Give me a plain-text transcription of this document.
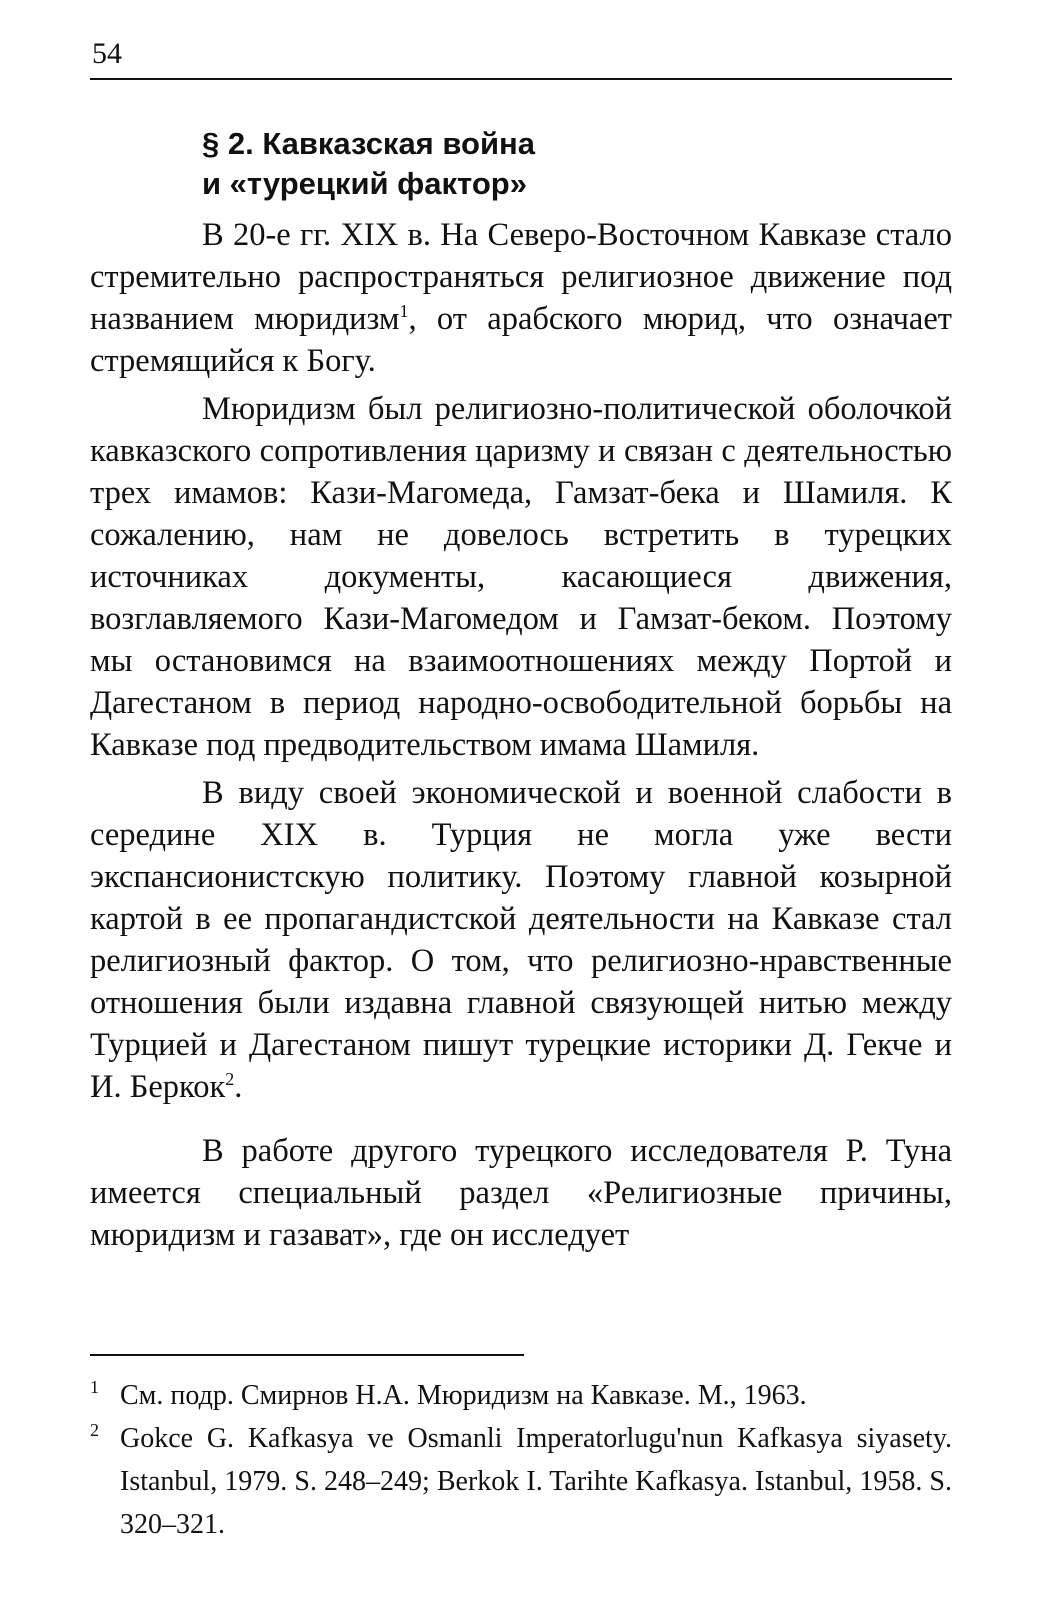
54
§ 2. Кавказская война
и «турецкий фактор»

В 20-е гг. XIX в. На Северо-Восточном Кавказе стало стремительно распространяться религиозное движение под названием мюридизм$^1$, от арабского мюрид, что означает стремящийся к Богу.

Мюридизм был религиозно-политической оболочкой кавказского сопротивления царизму и связан с деятельностью трех имамов: Кази-Магомеда, Гамзат-бека и Шамиля. К сожалению, нам не довелось встретить в турецких источниках документы, касающиеся движения, возглавляемого Кази-Магомедом и Гамзат-беком. Поэтому мы остановимся на взаимоотношениях между Портой и Дагестаном в период народно-освободительной борьбы на Кавказе под предводительством имама Шамиля.

В виду своей экономической и военной слабости в середине XIX в. Турция не могла уже вести экспансионистскую политику. Поэтому главной козырной картой в ее пропагандистской деятельности на Кавказе стал религиозный фактор. О том, что религиозно-нравственные отношения были издавна главной связующей нитью между Турцией и Дагестаном пишут турецкие историки Д. Гекче и И. Беркок$^2$.

В работе другого турецкого исследователя Р. Туна имеется специальный раздел «Религиозные причины, мюридизм и газават», где он исследует

1 См. подр. Смирнов Н.А. Мюридизм на Кавказе. М., 1963.
2 Gokce G. Kafkasya ve Osmanli Imperatorlugu'nun Kafkasya siyasety. Istanbul, 1979. S. 248–249; Berkok I. Tarihte Kafkasya. Istanbul, 1958. S. 320–321.
